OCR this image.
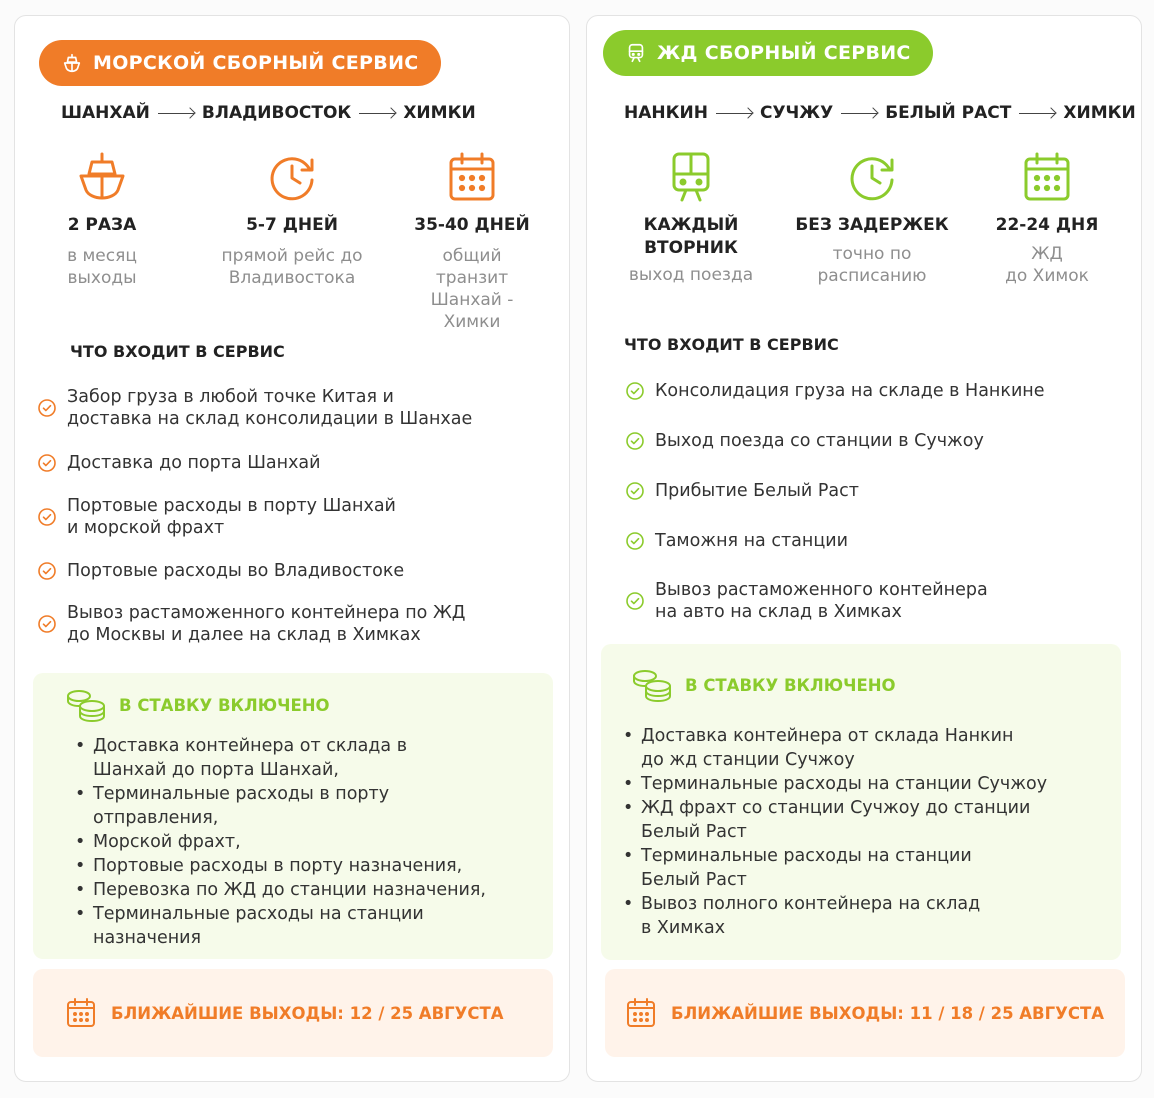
МОРСКОЙ СБОРНЫЙ СЕРВИС
ШАНХАЙ	ВЛАДИВОСТОК	ХИМКИ
2 РАЗА
в месяц
выходы
5-7 ДНЕЙ
прямой рейс до
Владивостока
35-40 ДНЕЙ
общий
транзит
Шанхай -
Химки
ЧТО ВХОДИТ В СЕРВИС
Забор груза в любой точке Китая и
доставка на склад консолидации в Шанхае
Доставка до порта Шанхай
Портовые расходы в порту Шанхай
и морской фрахт
Портовые расходы во Владивостоке
Вывоз растаможенного контейнера по ЖД
до Москвы и далее на склад в Химках
В СТАВКУ ВКЛЮЧЕНО
• Доставка контейнера от склада в
Шанхай до порта Шанхай,
• Терминальные расходы в порту
отправления,
• Морской фрахт,
• Портовые расходы в порту назначения,
• Перевозка по ЖД до станции назначения,
• Терминальные расходы на станции
назначения
БЛИЖАЙШИЕ ВЫХОДЫ: 12 / 25 АВГУСТА
ЖД СБОРНЫЙ СЕРВИС
НАНКИН	СУЧЖУ	БЕЛЫЙ РАСТ	ХИМКИ
КАЖДЫЙ
ВТОРНИК
выход поезда
БЕЗ ЗАДЕРЖЕК
точно по
расписанию
22-24 ДНЯ
ЖД
до Химок
ЧТО ВХОДИТ В СЕРВИС
Консолидация груза на складе в Нанкине
Выход поезда со станции в Сучжоу
Прибытие Белый Раст
Таможня на станции
Вывоз растаможенного контейнера
на авто на склад в Химках
В СТАВКУ ВКЛЮЧЕНО
• Доставка контейнера от склада Нанкин
до жд станции Сучжоу
• Терминальные расходы на станции Сучжоу
• ЖД фрахт со станции Сучжоу до станции
Белый Раст
• Терминальные расходы на станции
Белый Раст
• Вывоз полного контейнера на склад
в Химках
БЛИЖАЙШИЕ ВЫХОДЫ: 11 / 18 / 25 АВГУСТА
